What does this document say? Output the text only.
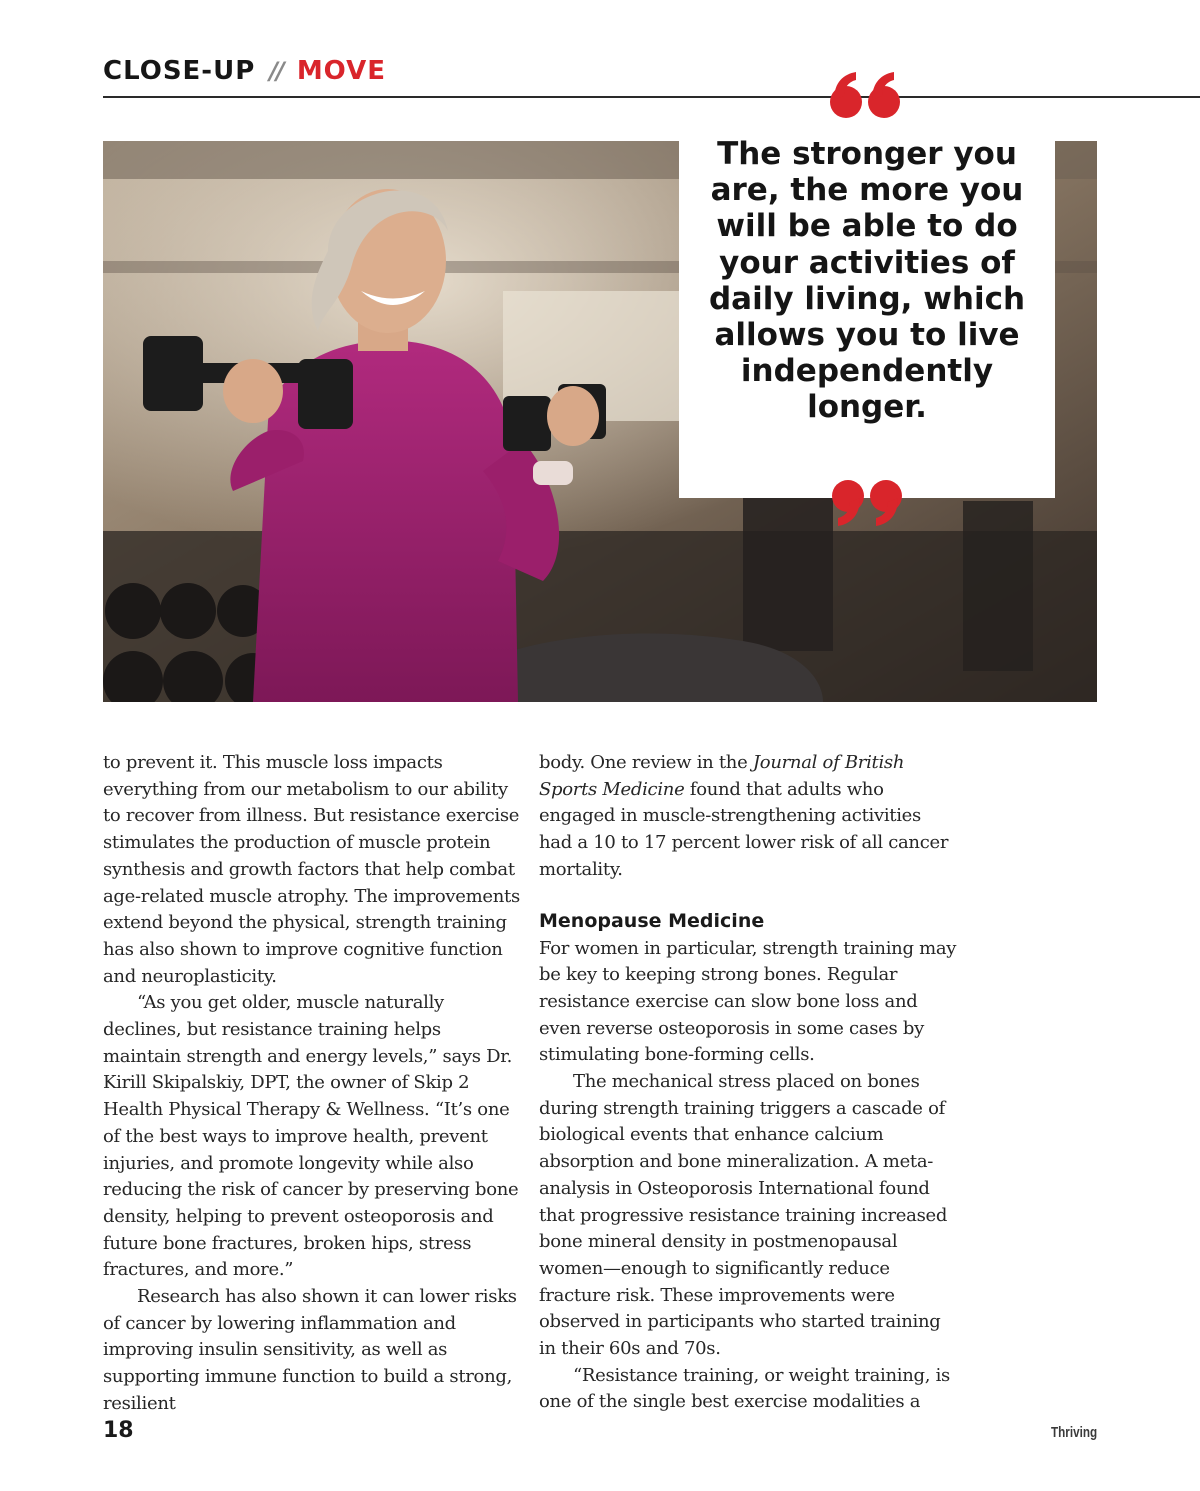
CLOSE-UP // MOVE
The stronger you are, the more you will be able to do your activities of daily living, which allows you to live independently longer.

to prevent it. This muscle loss impacts everything from our metabolism to our ability to recover from illness. But resistance exercise stimulates the production of muscle protein synthesis and growth factors that help combat age-related muscle atrophy. The improvements extend beyond the physical, strength training has also shown to improve cognitive function and neuroplasticity.

“As you get older, muscle naturally declines, but resistance training helps maintain strength and energy levels,” says Dr. Kirill Skipalskiy, DPT, the owner of Skip 2 Health Physical Therapy & Wellness. “It’s one of the best ways to improve health, prevent injuries, and promote longevity while also reducing the risk of cancer by preserving bone density, helping to prevent osteoporosis and future bone fractures, broken hips, stress fractures, and more.”

Research has also shown it can lower risks of cancer by lowering inflammation and improving insulin sensitivity, as well as supporting immune function to build a strong, resilient

body. One review in the Journal of British Sports Medicine found that adults who engaged in muscle-strengthening activities had a 10 to 17 percent lower risk of all cancer mortality.

Menopause Medicine

For women in particular, strength training may be key to keeping strong bones. Regular resistance exercise can slow bone loss and even reverse osteoporosis in some cases by stimulating bone-forming cells.

The mechanical stress placed on bones during strength training triggers a cascade of biological events that enhance calcium absorption and bone mineralization. A meta-analysis in Osteoporosis International found that progressive resistance training increased bone mineral density in postmenopausal women—enough to significantly reduce fracture risk. These improvements were observed in participants who started training in their 60s and 70s.

“Resistance training, or weight training, is one of the single best exercise modalities a

18	Thriving
